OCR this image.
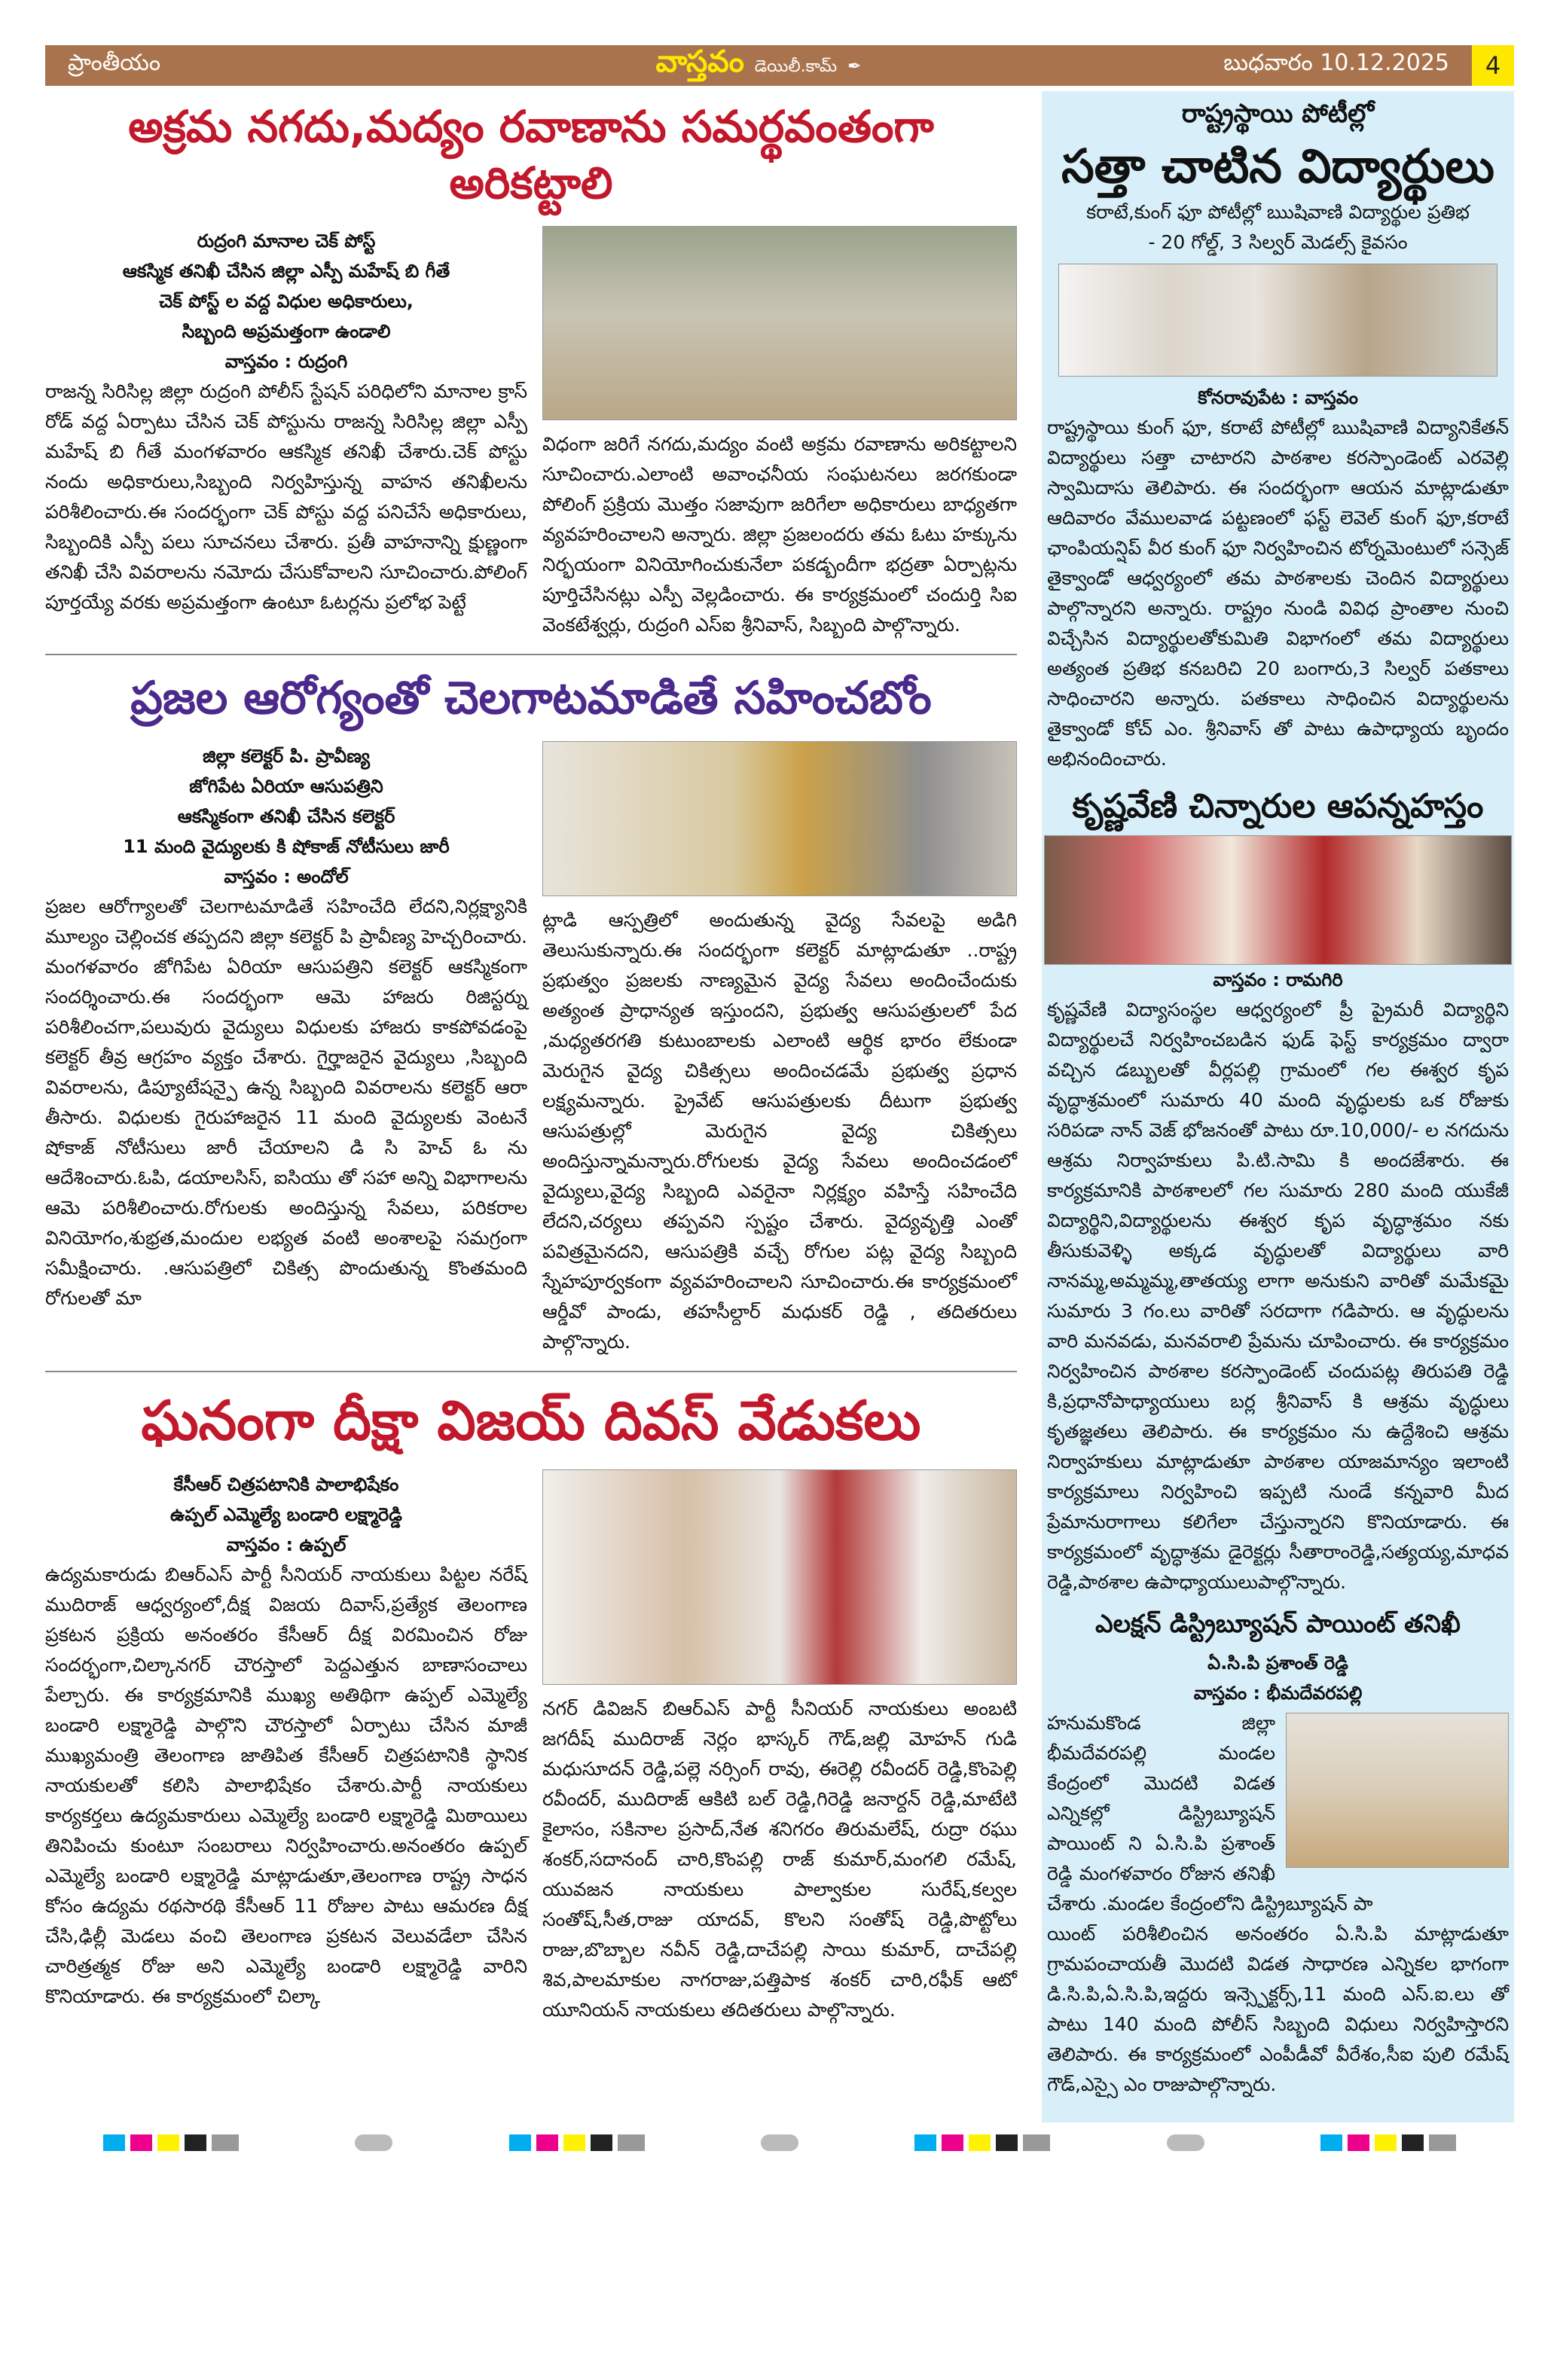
ప్రాంతీయం	వాస్తవం డెయిలీ.కామ్ ✒	బుధవారం 10.12.2025	4
అక్రమ నగదు,మద్యం రవాణాను సమర్థవంతంగా అరికట్టాలి
రుద్రంగి మానాల చెక్ పోస్ట్
ఆకస్మిక తనిఖీ చేసిన జిల్లా ఎస్పీ మహేష్ బి గీతే
చెక్ పోస్ట్ ల వద్ద విధుల అధికారులు,
సిబ్బంది అప్రమత్తంగా ఉండాలి
వాస్తవం : రుద్రంగి
రాజన్న సిరిసిల్ల జిల్లా రుద్రంగి పోలీస్ స్టేషన్ పరిధిలోని మానాల క్రాస్ రోడ్ వద్ద ఏర్పాటు చేసిన చెక్ పోస్టును రాజన్న సిరిసిల్ల జిల్లా ఎస్పీ మహేష్ బి గీతే మంగళవారం ఆకస్మిక తనిఖీ చేశారు.చెక్ పోస్టు నందు అధికారులు,సిబ్బంది నిర్వహిస్తున్న వాహన తనిఖీలను పరిశీలించారు.ఈ సందర్భంగా చెక్ పోస్టు వద్ద పనిచేసే అధికారులు, సిబ్బందికి ఎస్పీ పలు సూచనలు చేశారు. ప్రతీ వాహనాన్ని క్షుణ్ణంగా తనిఖీ చేసి వివరాలను నమోదు చేసుకోవాలని సూచించారు.పోలింగ్ పూర్తయ్యే వరకు అప్రమత్తంగా ఉంటూ ఓటర్లను ప్రలోభ పెట్టే
విధంగా జరిగే నగదు,మద్యం వంటి అక్రమ రవాణాను అరికట్టాలని సూచించారు.ఎలాంటి అవాంఛనీయ సంఘటనలు జరగకుండా పోలింగ్ ప్రక్రియ మొత్తం సజావుగా జరిగేలా అధికారులు బాధ్యతగా వ్యవహరించాలని అన్నారు. జిల్లా ప్రజలందరు తమ ఓటు హక్కును నిర్భయంగా వినియోగించుకునేలా పకడ్బందీగా భద్రతా ఏర్పాట్లను పూర్తిచేసినట్లు ఎస్పీ వెల్లడించారు. ఈ కార్యక్రమంలో చందుర్తి సిఐ వెంకటేశ్వర్లు, రుద్రంగి ఎస్ఐ శ్రీనివాస్, సిబ్బంది పాల్గొన్నారు.
ప్రజల ఆరోగ్యంతో చెలగాటమాడితే సహించబోం
జిల్లా కలెక్టర్ పి. ప్రావీణ్య
జోగిపేట ఏరియా ఆసుపత్రిని
ఆకస్మికంగా తనిఖీ చేసిన కలెక్టర్
11 మంది వైద్యులకు కి షోకాజ్ నోటీసులు జారీ
వాస్తవం : అందోల్
ప్రజల ఆరోగ్యాలతో చెలగాటమాడితే సహించేది లేదని,నిర్లక్ష్యానికి మూల్యం చెల్లించక తప్పదని జిల్లా కలెక్టర్ పి ప్రావీణ్య హెచ్చరించారు. మంగళవారం జోగిపేట ఏరియా ఆసుపత్రిని కలెక్టర్ ఆకస్మికంగా సందర్శించారు.ఈ సందర్భంగా ఆమె హాజరు రిజిస్టర్ను పరిశీలించగా,పలువురు వైద్యులు విధులకు హాజరు కాకపోవడంపై కలెక్టర్ తీవ్ర ఆగ్రహం వ్యక్తం చేశారు. గైర్హాజరైన వైద్యులు ,సిబ్బంది వివరాలను, డిప్యూటేషన్పై ఉన్న సిబ్బంది వివరాలను కలెక్టర్ ఆరా తీసారు. విధులకు గైరుహాజరైన 11 మంది వైద్యులకు వెంటనే షోకాజ్ నోటీసులు జారీ చేయాలని డి సి హెచ్ ఓ ను ఆదేశించారు.ఓపి, డయాలసిస్, ఐసియు తో సహా అన్ని విభాగాలను ఆమె పరిశీలించారు.రోగులకు అందిస్తున్న సేవలు, పరికరాల వినియోగం,శుభ్రత,మందుల లభ్యత వంటి అంశాలపై సమగ్రంగా సమీక్షించారు. .ఆసుపత్రిలో చికిత్స పొందుతున్న కొంతమంది రోగులతో మా
ట్లాడి ఆస్పత్రిలో అందుతున్న వైద్య సేవలపై అడిగి తెలుసుకున్నారు.ఈ సందర్భంగా కలెక్టర్ మాట్లాడుతూ ..రాష్ట్ర ప్రభుత్వం ప్రజలకు నాణ్యమైన వైద్య సేవలు అందించేందుకు అత్యంత ప్రాధాన్యత ఇస్తుందని, ప్రభుత్వ ఆసుపత్రులలో పేద ,మధ్యతరగతి కుటుంబాలకు ఎలాంటి ఆర్థిక భారం లేకుండా మెరుగైన వైద్య చికిత్సలు అందించడమే ప్రభుత్వ ప్రధాన లక్ష్యమన్నారు. ప్రైవేట్ ఆసుపత్రులకు దీటుగా ప్రభుత్వ ఆసుపత్రుల్లో మెరుగైన వైద్య చికిత్సలు అందిస్తున్నామన్నారు.రోగులకు వైద్య సేవలు అందించడంలో వైద్యులు,వైద్య సిబ్బంది ఎవరైనా నిర్లక్ష్యం వహిస్తే సహించేది లేదని,చర్యలు తప్పవని స్పష్టం చేశారు. వైద్యవృత్తి ఎంతో పవిత్రమైనదని, ఆసుపత్రికి వచ్చే రోగుల పట్ల వైద్య సిబ్బంది స్నేహపూర్వకంగా వ్యవహరించాలని సూచించారు.ఈ కార్యక్రమంలో ఆర్డీవో పాండు, తహసీల్దార్ మధుకర్ రెడ్డి , తదితరులు పాల్గొన్నారు.
ఘనంగా దీక్షా విజయ్ దివస్ వేడుకలు
కేసీఆర్ చిత్రపటానికి పాలాభిషేకం
ఉప్పల్ ఎమ్మెల్యే బండారి లక్ష్మారెడ్డి
వాస్తవం : ఉప్పల్
ఉద్యమకారుడు బిఆర్ఎస్ పార్టీ సీనియర్ నాయకులు పిట్టల నరేష్ ముదిరాజ్ ఆధ్వర్యంలో,దీక్ష విజయ దివాస్,ప్రత్యేక తెలంగాణ ప్రకటన ప్రక్రియ అనంతరం కేసీఆర్ దీక్ష విరమించిన రోజు సందర్భంగా,చిల్కానగర్ చౌరస్తాలో పెద్దఎత్తున బాణాసంచాలు పేల్చారు. ఈ కార్యక్రమానికి ముఖ్య అతిథిగా ఉప్పల్ ఎమ్మెల్యే బండారి లక్ష్మారెడ్డి పాల్గొని చౌరస్తాలో ఏర్పాటు చేసిన మాజీ ముఖ్యమంత్రి తెలంగాణ జాతిపిత కేసీఆర్ చిత్రపటానికి స్థానిక నాయకులతో కలిసి పాలాభిషేకం చేశారు.పార్టీ నాయకులు కార్యకర్తలు ఉద్యమకారులు ఎమ్మెల్యే బండారి లక్ష్మారెడ్డి మిఠాయిలు తినిపించు కుంటూ సంబరాలు నిర్వహించారు.అనంతరం ఉప్పల్ ఎమ్మెల్యే బండారి లక్ష్మారెడ్డి మాట్లాడుతూ,తెలంగాణ రాష్ట్ర సాధన కోసం ఉద్యమ రథసారథి కేసీఆర్ 11 రోజుల పాటు ఆమరణ దీక్ష చేసి,ఢిల్లీ మెడలు వంచి తెలంగాణ ప్రకటన వెలువడేలా చేసిన చారిత్రత్మక రోజు అని ఎమ్మెల్యే బండారి లక్ష్మారెడ్డి వారిని కొనియాడారు. ఈ కార్యక్రమంలో చిల్కా
నగర్ డివిజన్ బిఆర్ఎస్ పార్టీ సీనియర్ నాయకులు అంబటి జగదీష్ ముదిరాజ్ నెర్లం భాస్కర్ గౌడ్,జల్లి మోహన్ గుడి మధుసూదన్ రెడ్డి,పల్లె నర్సింగ్ రావు, ఈరెల్లి రవీందర్ రెడ్డి,కొంపెల్లి రవీందర్, ముదిరాజ్ ఆకిటి బల్ రెడ్డి,గిరెడ్డి జనార్దన్ రెడ్డి,మాటేటి కైలాసం, సకినాల ప్రసాద్,నేత శనిగరం తిరుమలేష్, రుద్రా రఘు శంకర్,సదానంద్ చారి,కొంపల్లి రాజ్ కుమార్,మంగలి రమేష్, యువజన నాయకులు పాల్వాకుల సురేష్,కల్వల సంతోష్,సీత,రాజు యాదవ్, కొలని సంతోష్ రెడ్డి,పొట్టోలు రాజు,బొబ్బాల నవీన్ రెడ్డి,దాచేపల్లి సాయి కుమార్, దాచేపల్లి శివ,పాలమాకుల నాగరాజు,పత్తిపాక శంకర్ చారి,రఫీక్ ఆటో యూనియన్ నాయకులు తదితరులు పాల్గొన్నారు.
రాష్ట్రస్థాయి పోటీల్లో
సత్తా చాటిన విద్యార్థులు
కరాటే,కుంగ్ ఫూ పోటీల్లో ఋషివాణి విద్యార్థుల ప్రతిభ
- 20 గోల్డ్, 3 సిల్వర్ మెడల్స్ కైవసం
కోనరావుపేట : వాస్తవం
రాష్ట్రస్థాయి కుంగ్ ఫూ, కరాటే పోటీల్లో ఋషివాణి విద్యానికేతన్ విద్యార్థులు సత్తా చాటారని పాఠశాల కరస్పాండెంట్ ఎరవెల్లి స్వామిదాసు తెలిపారు. ఈ సందర్భంగా ఆయన మాట్లాడుతూ ఆదివారం వేములవాడ పట్టణంలో ఫస్ట్ లెవెల్ కుంగ్ ఫూ,కరాటే ఛాంపియన్షిప్ వీర కుంగ్ ఫూ నిర్వహించిన టోర్నమెంటులో సన్సెజ్ తైక్వాండో ఆధ్వర్యంలో తమ పాఠశాలకు చెందిన విద్యార్థులు పాల్గొన్నారని అన్నారు. రాష్ట్రం నుండి వివిధ ప్రాంతాల నుంచి విచ్చేసిన విద్యార్థులతోకుమితి విభాగంలో తమ విద్యార్థులు అత్యంత ప్రతిభ కనబరిచి 20 బంగారు,3 సిల్వర్ పతకాలు సాధించారని అన్నారు. పతకాలు సాధించిన విద్యార్థులను తైక్వాండో కోచ్ ఎం. శ్రీనివాస్ తో పాటు ఉపాధ్యాయ బృందం అభినందించారు.
కృష్ణవేణి చిన్నారుల ఆపన్నహస్తం
వాస్తవం : రామగిరి
కృష్ణవేణి విద్యాసంస్థల ఆధ్వర్యంలో ప్రీ ప్రైమరీ విద్యార్థిని విద్యార్థులచే నిర్వహించబడిన ఫుడ్ ఫెస్ట్ కార్యక్రమం ద్వారా వచ్చిన డబ్బులతో వీర్లపల్లి గ్రామంలో గల ఈశ్వర కృప వృద్ధాశ్రమంలో సుమారు 40 మంది వృద్ధులకు ఒక రోజుకు సరిపడా నాన్ వెజ్ భోజనంతో పాటు రూ.10,000/- ల నగదును ఆశ్రమ నిర్వాహకులు పి.టి.సామి కి అందజేశారు. ఈ కార్యక్రమానికి పాఠశాలలో గల సుమారు 280 మంది యుకేజీ విద్యార్థిని,విద్యార్థులను ఈశ్వర కృప వృద్ధాశ్రమం నకు తీసుకువెళ్ళి అక్కడ వృద్ధులతో విద్యార్థులు వారి నానమ్మ,అమ్మమ్మ,తాతయ్య లాగా అనుకుని వారితో మమేకమై సుమారు 3 గం.లు వారితో సరదాగా గడిపారు. ఆ వృద్ధులను వారి మనవడు, మనవరాలి ప్రేమను చూపించారు. ఈ కార్యక్రమం నిర్వహించిన పాఠశాల కరస్పాండెంట్ చందుపట్ల తిరుపతి రెడ్డి కి,ప్రధానోపాధ్యాయులు బర్ల శ్రీనివాస్ కి ఆశ్రమ వృద్ధులు కృతజ్ఞతలు తెలిపారు. ఈ కార్యక్రమం ను ఉద్దేశించి ఆశ్రమ నిర్వాహకులు మాట్లాడుతూ పాఠశాల యాజమాన్యం ఇలాంటి కార్యక్రమాలు నిర్వహించి ఇప్పటి నుండే కన్నవారి మీద ప్రేమానురాగాలు కలిగేలా చేస్తున్నారని కొనియాడారు. ఈ కార్యక్రమంలో వృద్ధాశ్రమ డైరెక్టర్లు సీతారాంరెడ్డి,సత్యయ్య,మాధవ రెడ్డి,పాఠశాల ఉపాధ్యాయులుపాల్గొన్నారు.
ఎలక్షన్ డిస్ట్రిబ్యూషన్ పాయింట్ తనిఖీ
ఏ.సి.పి ప్రశాంత్ రెడ్డి
వాస్తవం : భీమదేవరపల్లి
హనుమకొండ జిల్లా భీమదేవరపల్లి మండల కేంద్రంలో మొదటి విడత ఎన్నికల్లో డిస్ట్రిబ్యూషన్ పాయింట్ ని ఏ.సి.పి ప్రశాంత్ రెడ్డి మంగళవారం రోజున తనిఖీ చేశారు .మండల కేంద్రంలోని డిస్ట్రిబ్యూషన్ పా
యింట్ పరిశీలించిన అనంతరం ఏ.సి.పి మాట్లాడుతూ గ్రామపంచాయతీ మొదటి విడత సాధారణ ఎన్నికల భాగంగా డి.సి.పి,ఏ.సి.పి,ఇద్దరు ఇన్స్పెక్టర్స్,11 మంది ఎస్.ఐ.లు తో పాటు 140 మంది పోలీస్ సిబ్బంది విధులు నిర్వహిస్తారని తెలిపారు. ఈ కార్యక్రమంలో ఎంపీడీవో వీరేశం,సీఐ పులి రమేష్ గౌడ్,ఎస్సై ఎం రాజుపాల్గొన్నారు.
